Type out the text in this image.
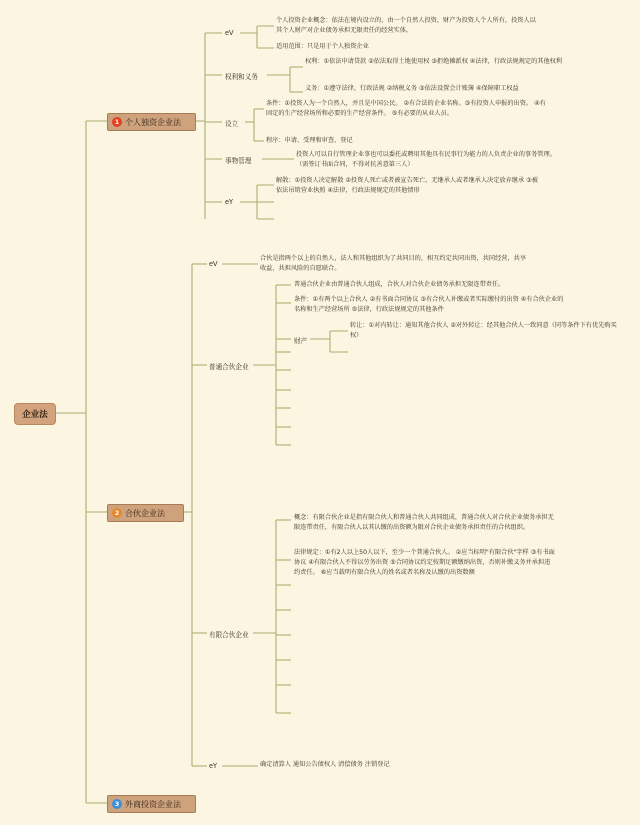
企业法
1 个人独资企业法
2 合伙企业法
3 外商投资企业法
eV
个人投资企业概念：依法在境内设立的，由一个自然人投资，财产为投资人个人所有，投资人以其个人财产对企业债务承担无限责任的经营实体。
适用范围：只是用于个人独资企业
权利和义务
权利：①依法申请贷款 ②依法取得土地使用权 ③拒绝摊派权 ④法律，行政法规规定的其他权利
义务：①遵守法律，行政法规 ②纳税义务 ③依法设置会计账簿 ④保障职工权益
设立
条件：①投资人为一个自然人，并且是中国公民。 ②有合法的企业名称。③有投资人申报的出资。 ④有固定的生产经营场所和必要的生产经营条件。 ⑤有必要的从业人员。
程序：申请、受理和审查、登记
事物管理
投资人可以自行管理企业事也可以委托或聘用其他具有民事行为能力的人负责企业的事务管理。（需签订书面合同，不得对抗善意第三人）
eY
解散：①投资人决定解散 ②投资人死亡或者被宣告死亡，无继承人或者继承人决定放弃继承 ③被依法吊销营业执照 ④法律，行政法规规定的其他情形
eV
合伙是指两个以上的自然人，法人和其他组织为了共同目的，相互约定共同出资，共同经营，共享收益，共担风险的自愿联合。
普通合伙企业
普通合伙企业由普通合伙人组成，合伙人对合伙企业债务承担无限连带责任。
条件：①有两个以上合伙人 ②有书面合同协议 ③有合伙人补缴或者实际缴付的出资 ④有合伙企业的名称和生产经营场所 ⑤法律，行政法规规定的其他条件
财产
转让：①对内转让：通知其他合伙人 ②对外转让：经其他合伙人一致同意（同等条件下有优先购买权）
有限合伙企业
概念：有限合伙企业是指有限合伙人和普通合伙人共同组成，普通合伙人对合伙企业债务承担无限连带责任，有限合伙人以其认缴的出资额为限对合伙企业债务承担责任的合伙组织。
法律规定：①有2人以上50人以下，至少一个普通合伙人。 ②应当标明"有限合伙"字样 ③有书面协议 ④有限合伙人不得以劳务出资 ⑤合同协议约定按期足额缴纳出资，否则补缴义务并承担违约责任。 ⑥应当载明有限合伙人的姓名或者名称及认缴的出资数额
eY	确定清算人 通知公告债权人 清偿债务 注销登记
